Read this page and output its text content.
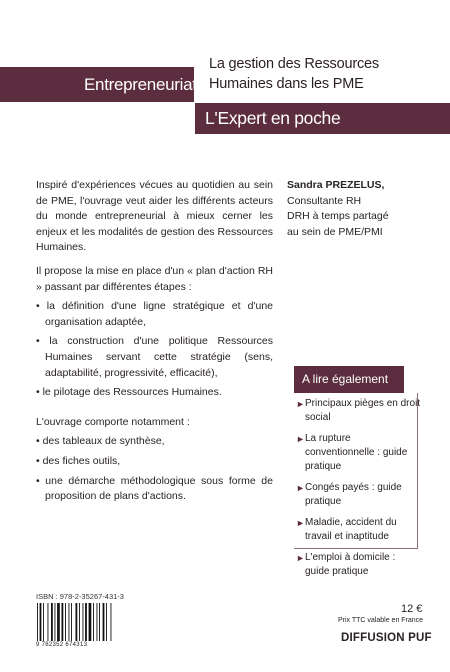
Entrepreneuriat
La gestion des Ressources
Humaines dans les PME
L'Expert en poche

Inspiré d'expériences vécues au quotidien au sein de PME, l'ouvrage veut aider les différents acteurs du monde entrepreneurial à mieux cerner les enjeux et les modalités de gestion des Ressources Humaines.

Il propose la mise en place d'un « plan d'action RH » passant par différentes étapes :

• la définition d'une ligne stratégique et d'une organisation adaptée,
• la construction d'une politique Ressources Humaines servant cette stratégie (sens, adaptabilité, progressivité, efficacité),
• le pilotage des Ressources Humaines.

L'ouvrage comporte notamment :

• des tableaux de synthèse,
• des fiches outils,
• une démarche méthodologique sous forme de proposition de plans d'actions.
Sandra PREZELUS,
Consultante RH
DRH à temps partagé
au sein de PME/PMI
A lire également
► Principaux pièges en droit social
► La rupture conventionnelle : guide pratique
► Congés payés : guide pratique
► Maladie, accident du travail et inaptitude
► L'emploi à domicile : guide pratique
ISBN : 978-2-35267-431-3
9 782352 674313
12 €
Prix TTC valable en France
DIFFUSION PUF
